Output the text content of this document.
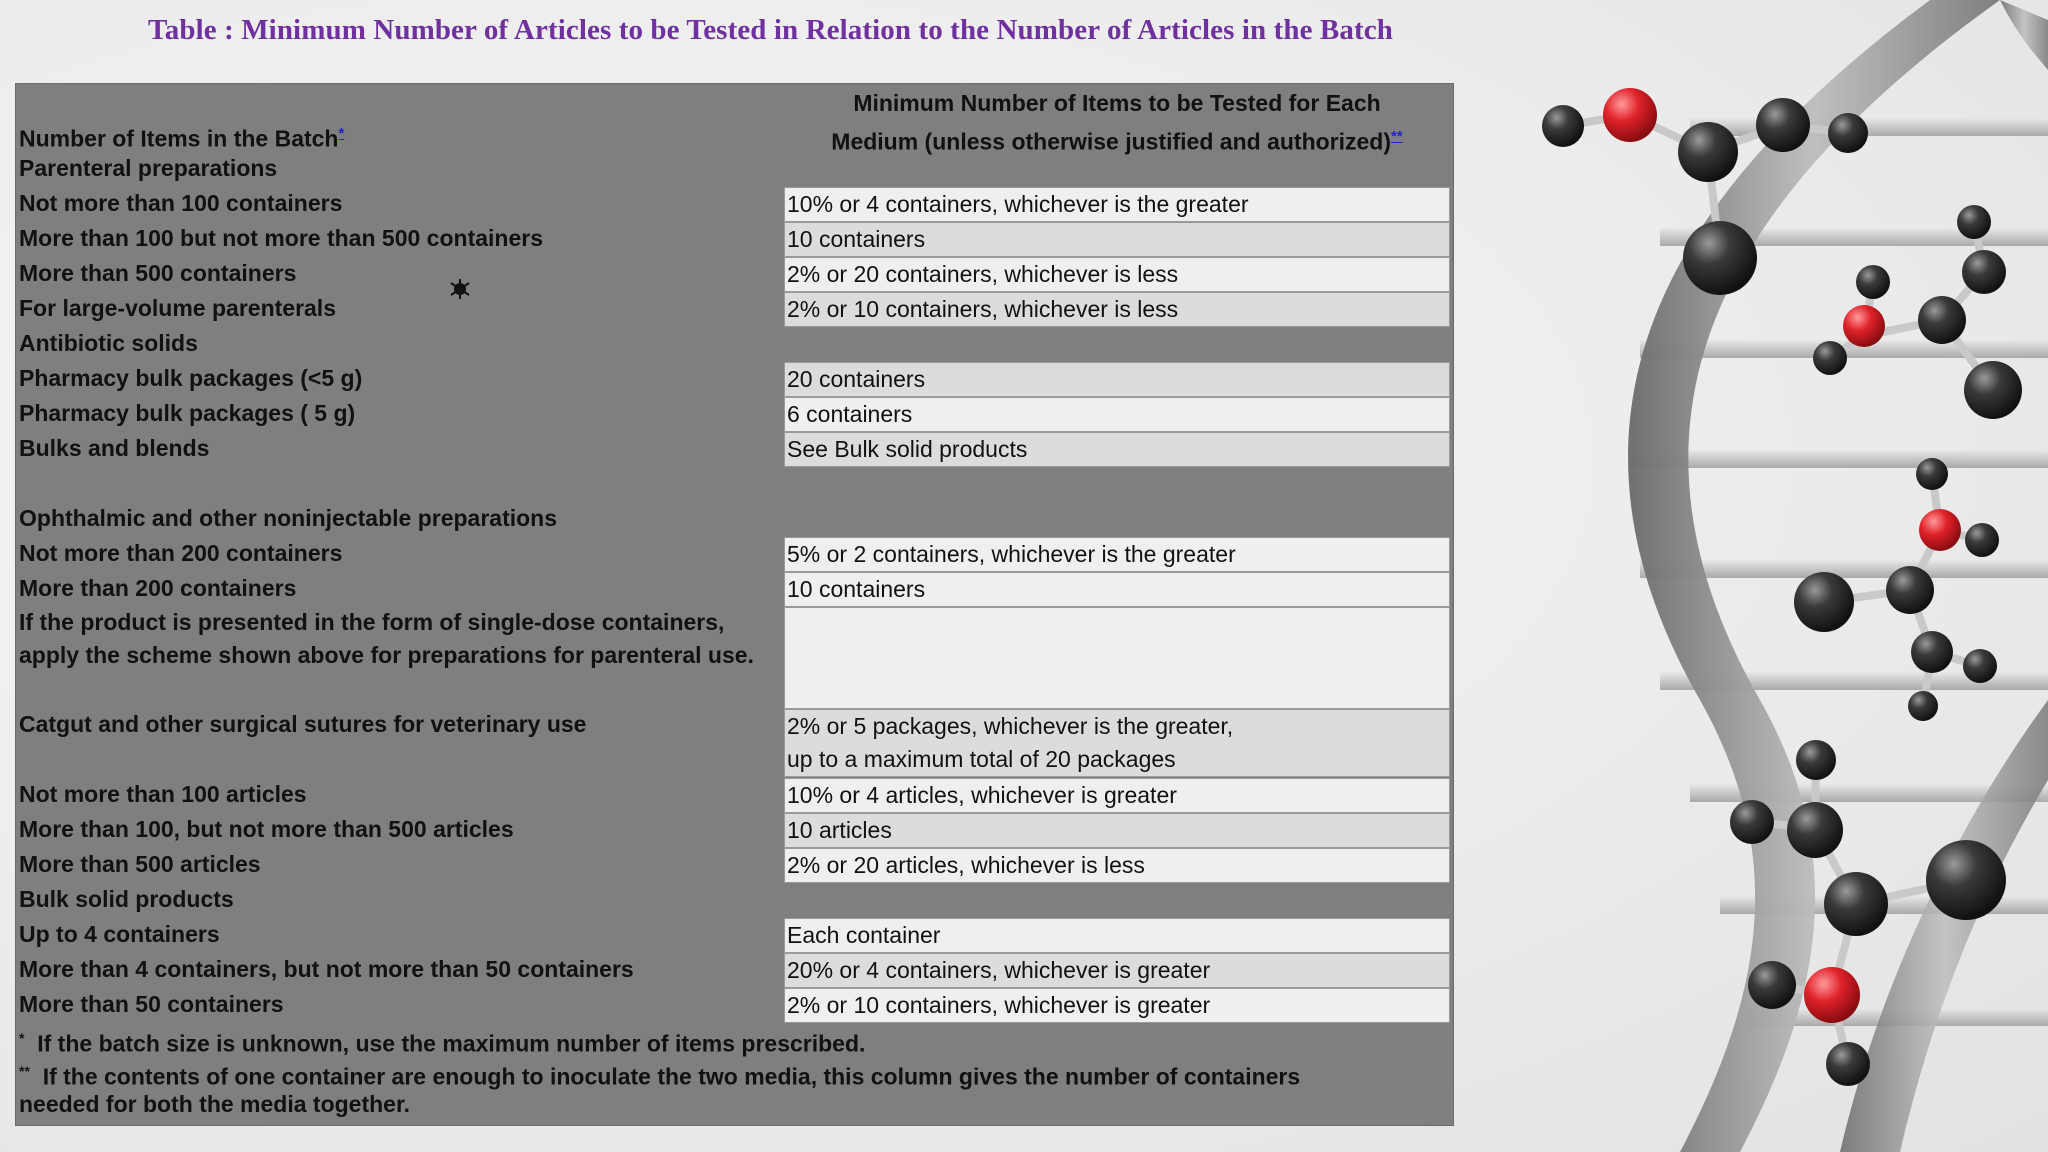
Table : Minimum Number of Articles to be Tested in Relation to the Number of Articles in the Batch
Number of Items in the Batch*
Minimum Number of Items to be Tested for Each
Medium (unless otherwise justified and authorized)**
Parenteral preparations
Not more than 100 containers	10% or 4 containers, whichever is the greater
More than 100 but not more than 500 containers	10 containers
More than 500 containers	2% or 20 containers, whichever is less
For large-volume parenterals	2% or 10 containers, whichever is less
Antibiotic solids
Pharmacy bulk packages (<5 g)	20 containers
Pharmacy bulk packages ( 5 g)	6 containers
Bulks and blends	See Bulk solid products
Ophthalmic and other noninjectable preparations
Not more than 200 containers	5% or 2 containers, whichever is the greater
More than 200 containers	10 containers
If the product is presented in the form of single-dose containers, apply the scheme shown above for preparations for parenteral use.
Catgut and other surgical sutures for veterinary use	2% or 5 packages, whichever is the greater,
up to a maximum total of 20 packages
Not more than 100 articles	10% or 4 articles, whichever is greater
More than 100, but not more than 500 articles	10 articles
More than 500 articles	2% or 20 articles, whichever is less
Bulk solid products
Up to 4 containers	Each container
More than 4 containers, but not more than 50 containers	20% or 4 containers, whichever is greater
More than 50 containers	2% or 10 containers, whichever is greater
* If the batch size is unknown, use the maximum number of items prescribed.
** If the contents of one container are enough to inoculate the two media, this column gives the number of containers
needed for both the media together.
